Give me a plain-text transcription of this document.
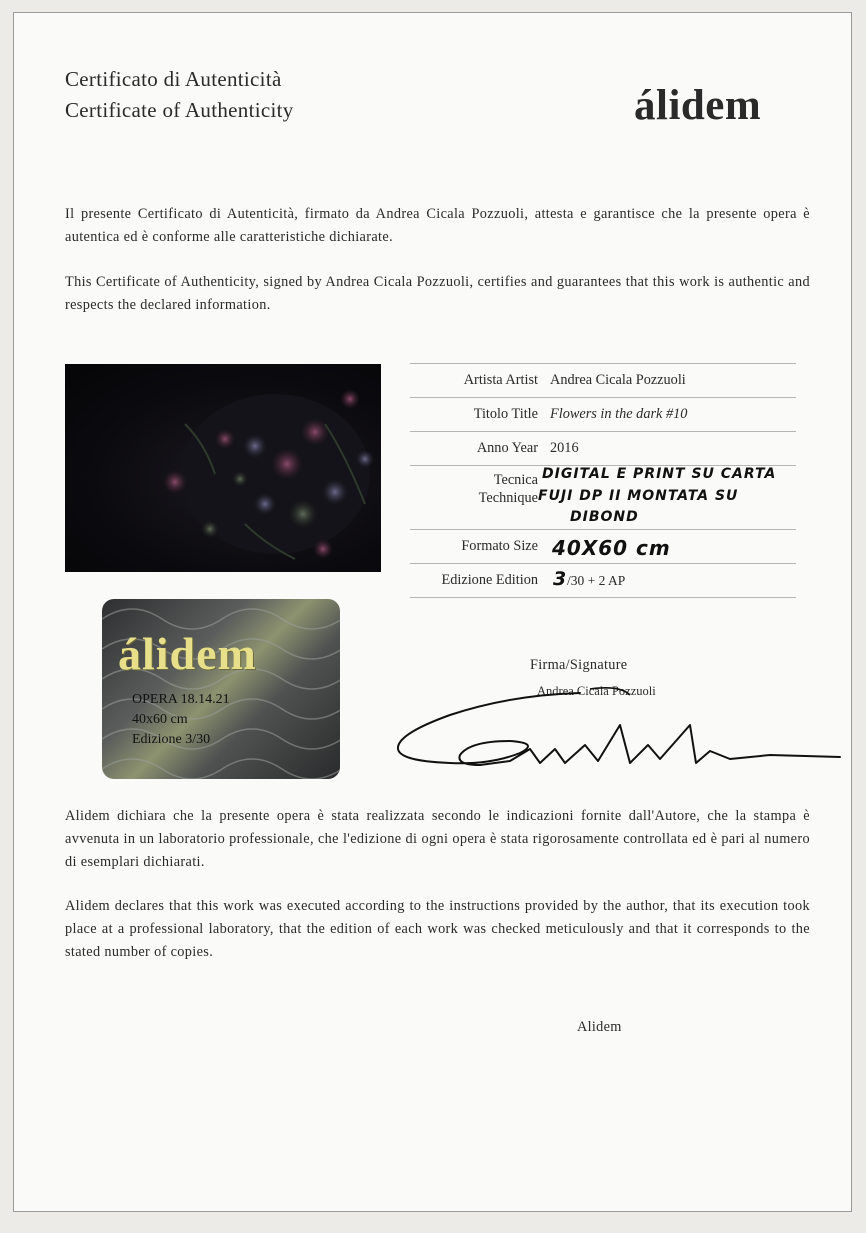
Certificato di Autenticità
Certificate of Authenticity	álidem
Il presente Certificato di Autenticità, firmato da Andrea Cicala Pozzuoli, attesta e garantisce che la presente opera è autentica ed è conforme alle caratteristiche dichiarate.
This Certificate of Authenticity, signed by Andrea Cicala Pozzuoli, certifies and guarantees that this work is authentic and respects the declared information.
Artista Artist Andrea Cicala Pozzuoli
Titolo Title Flowers in the dark #10
Anno Year 2016
Tecnica
Technique
DIGITAL E PRINT SU CARTA
FUJI DP II MONTATA SU
DIBOND
Formato Size 40X60 cm
Edizione Edition 3 /30 + 2 AP
álidem
OPERA 18.14.21
40x60 cm
Edizione 3/30
Firma/Signature
Andrea Cicala Pozzuoli
Alidem dichiara che la presente opera è stata realizzata secondo le indicazioni fornite dall'Autore, che la stampa è avvenuta in un laboratorio professionale, che l'edizione di ogni opera è stata rigorosamente controllata ed è pari al numero di esemplari dichiarati.
Alidem declares that this work was executed according to the instructions provided by the author, that its execution took place at a professional laboratory, that the edition of each work was checked meticulously and that it corresponds to the stated number of copies.
Alidem
